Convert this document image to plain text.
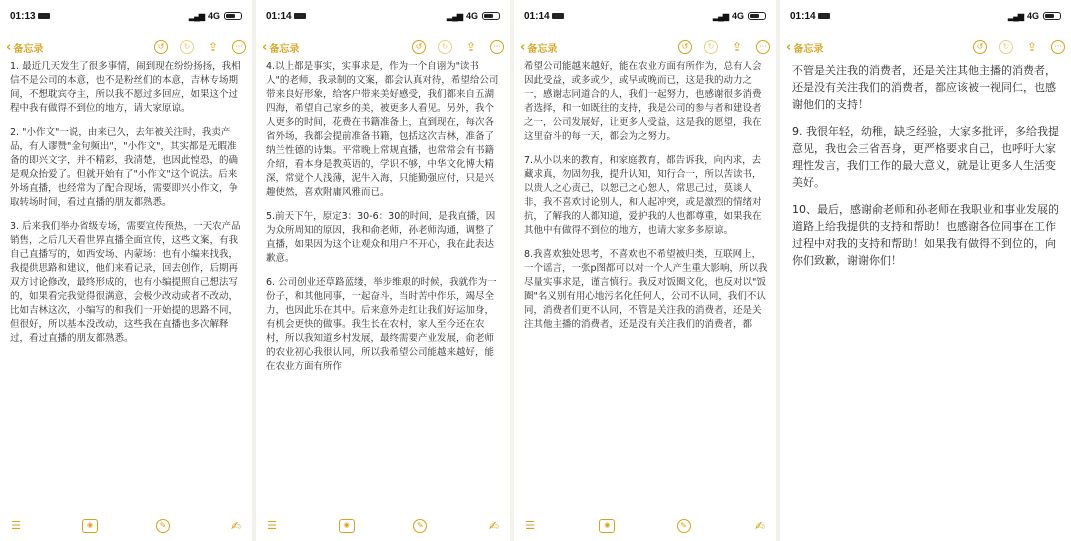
01:13	▂▄▆ 4G
‹ 备忘录	↺	↻	⇪	···

1. 最近几天发生了很多事情，闹到现在纷纷扬扬，我相信不是公司的本意，也不是粉丝们的本意，吉林专场期间，不想耽宾夺主，所以我不愿过多回应，如果这个过程中我有做得不到位的地方，请大家原谅。

2. "小作文"一说，由来已久，去年被关注时，我卖产品，有人谬赞"金句频出"，"小作文"，其实都是无暇准备的即兴文字，并不精彩，我清楚，也因此惶恐，的确是观众抬爱了。但就开始有了"小作文"这个说法。后来外场直播，也经常为了配合现场，需要即兴小作文，争取转场时间，看过直播的朋友都熟悉。

3. 后来我们举办省级专场，需要宣传预热，一天农产品销售，之后几天看世界直播全面宣传，这些文案，有我自己直播写的，如西安场、内蒙场：也有小编来找我，我提供思路和建议，他们来看记录，回去创作，后期再双方讨论修改，最终形成的，也有小编提照自己想法写的，如果看完我觉得很满意，会极少改动或者不改动，比如吉林这次，小编写的和我们一开始提的思路不同，但很好，所以基本没改动，这些我在直播也多次解释过，看过直播的朋友都熟悉。

☰	◉	✎	✍
01:14	▂▄▆ 4G
‹ 备忘录	↺	↻	⇪	···

4.以上都是事实，实事求是，作为一个自诩为"读书人"的老师，我录制的文案，都会认真对待，希望给公司带来良好形象，给客户带来美好感受，我们都来自五湖四海，希望自己家乡的美，被更多人看见。另外，我个人更多的时间，花费在书籍准备上，直到现在，每次各省外场，我都会提前准备书籍，包括这次吉林，准备了纳兰性德的诗集。平常晚上常规直播，也常常会有书籍介绍，看本身是教英语的，学识不够，中华文化博大精深，常觉个人浅薄，泥牛入海，只能勤强应付，只是兴趣使然，喜欢附庸风雅而已。

5.前天下午，原定3：30-6：30的时间，是我直播，因为众所周知的原因，我和俞老师，孙老师沟通，调整了直播，如果因为这个让观众和用户不开心，我在此表达歉意。

6. 公司创业还草路蓝缕，举步维艰的时候，我就作为一份子，和其他同事，一起奋斗，当时苦中作乐，竭尽全力，也因此乐在其中。后来意外走红让我们好运加身，有机会更快的做事。我生长在农村，家人至今还在农村，所以我知道乡村发展，最终需要产业发展，俞老师的农业初心我很认同，所以我希望公司能越来越好，能在农业方面有所作

☰	◉	✎	✍
01:14	▂▄▆ 4G
‹ 备忘录	↺	↻	⇪	···

希望公司能越来越好，能在农业方面有所作为，总有人会因此受益，或多或少，或早或晚而已，这是我的动力之一，感谢志同道合的人，我们一起努力，也感谢很多消费者选择，和一如既往的支持，我是公司的参与者和建设者之一，公司发展好，让更多人受益，这是我的愿望，我在这里奋斗的每一天，都会为之努力。

7.从小以来的教育，和家庭教育，都告诉我，向内求，去藏求真，勿固勿我，提升认知，知行合一，所以苦读书，以贵人之心责己，以恕己之心恕人，常思己过，莫谈人非，我不喜欢讨论别人，和人起冲突，或是激烈的情绪对抗，了解我的人都知道，爱护我的人也都尊重，如果我在其他中有做得不到位的地方，也请大家多多原谅。

8.我喜欢独处思考，不喜欢也不希望被归类，互联网上，一个谣言，一张p图都可以对一个人产生重大影响，所以我尽量实事求是，谨言慎行。我反对饭圈文化，也反对以"饭圈"名义别有用心地污名化任何人，公司不认同，我们不认同，消费者们更不认同，不管是关注我的消费者，还是关注其他主播的消费者，还是没有关注我们的消费者，都

☰	◉	✎	✍
01:14	▂▄▆ 4G
‹ 备忘录	↺	↻	⇪	···

不管是关注我的消费者，还是关注其他主播的消费者，还是没有关注我们的消费者，都应该被一视同仁，也感谢他们的支持！

9. 我很年轻，幼稚，缺乏经验，大家多批评，多给我提意见，我也会三省吾身，更严格要求自己，也呼吁大家理性发言，我们工作的最大意义，就是让更多人生活变美好。

10、最后，感谢俞老师和孙老师在我职业和事业发展的道路上给我提供的支持和帮助！也感谢各位同事在工作过程中对我的支持和帮助！如果我有做得不到位的，向你们致歉，谢谢你们！
